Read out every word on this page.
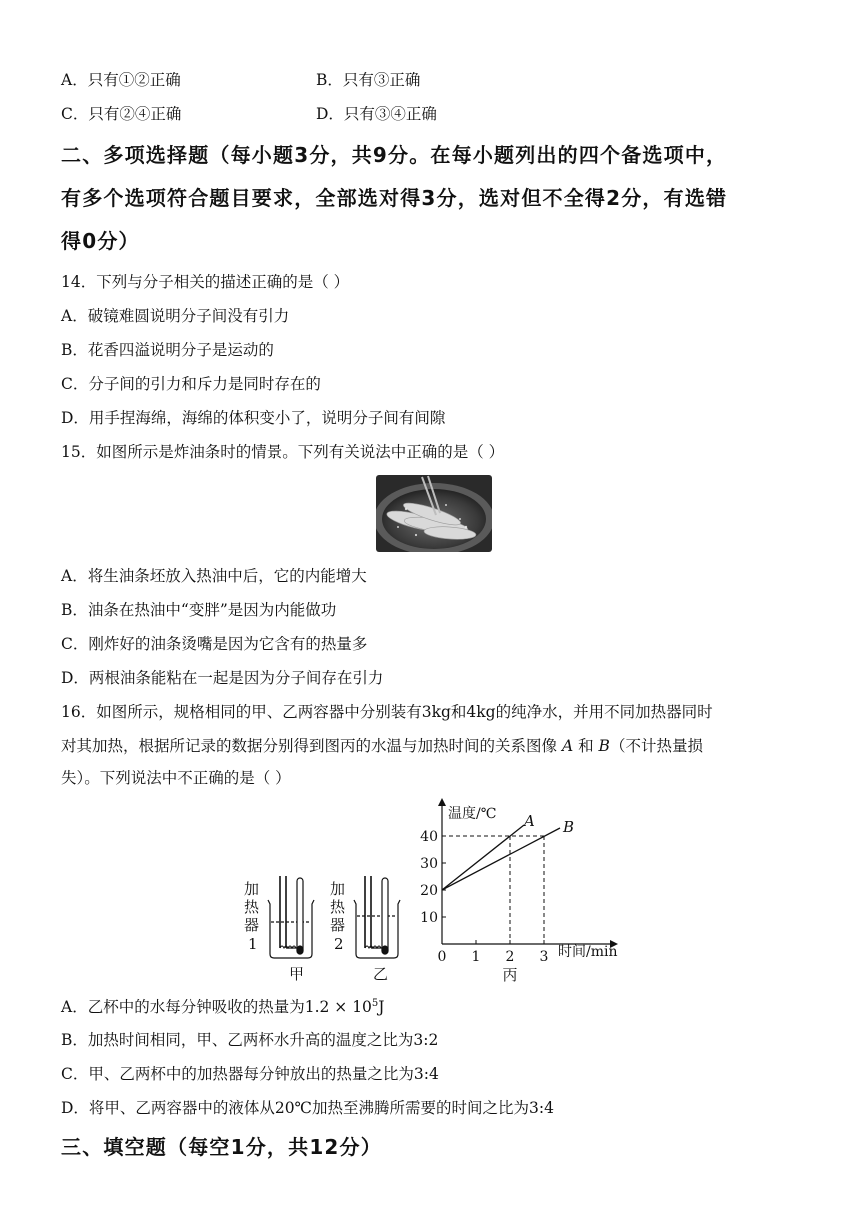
A．只有①②正确	B．只有③正确
C．只有②④正确	D．只有③④正确
二、多项选择题（每小题3分，共9分。在每小题列出的四个备选项中，
有多个选项符合题目要求，全部选对得3分，选对但不全得2分，有选错
得0分）
14．下列与分子相关的描述正确的是（ ）
A．破镜难圆说明分子间没有引力
B．花香四溢说明分子是运动的
C．分子间的引力和斥力是同时存在的
D．用手捏海绵，海绵的体积变小了，说明分子间有间隙
15．如图所示是炸油条时的情景。下列有关说法中正确的是（ ）
A．将生油条坯放入热油中后，它的内能增大
B．油条在热油中“变胖”是因为内能做功
C．刚炸好的油条烫嘴是因为它含有的热量多
D．两根油条能粘在一起是因为分子间存在引力
16．如图所示，规格相同的甲、乙两容器中分别装有3kg和4kg的纯净水，并用不同加热器同时
对其加热，根据所记录的数据分别得到图丙的水温与加热时间的关系图像 A 和 B（不计热量损
失）。下列说法中不正确的是（ ）
加
热
器
1
加
热
器
2
甲	乙
温度/℃
时间/min
40
30
20
10
0 1 2 3
丙
A B
A．乙杯中的水每分钟吸收的热量为$1.2 \times 10^5J$
B．加热时间相同，甲、乙两杯水升高的温度之比为3:2
C．甲、乙两杯中的加热器每分钟放出的热量之比为3:4
D．将甲、乙两容器中的液体从20℃加热至沸腾所需要的时间之比为3:4
三、填空题（每空1分，共12分）
